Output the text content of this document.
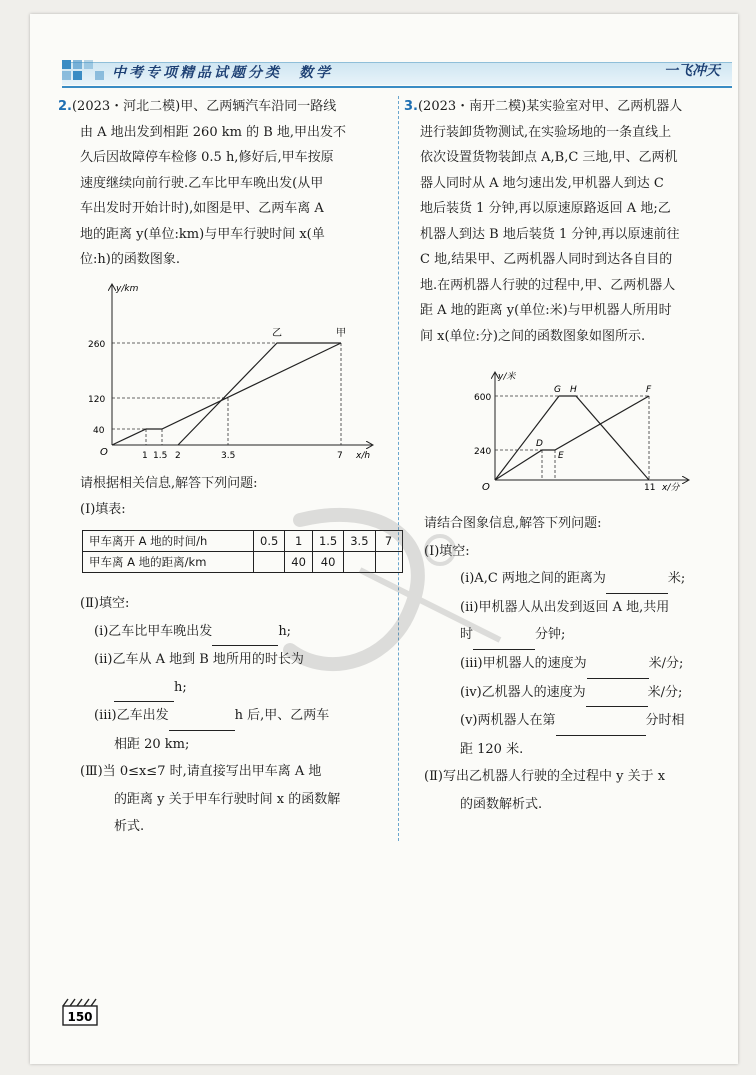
中考专项精品试题分类　数学	一飞冲天

2.(2023・河北二模)甲、乙两辆汽车沿同一路线

由 A 地出发到相距 260 km 的 B 地,甲出发不

久后因故障停车检修 0.5 h,修好后,甲车按原

速度继续向前行驶.乙车比甲车晚出发(从甲

车出发时开始计时),如图是甲、乙两车离 A

地的距离 y(单位:km)与甲车行驶时间 x(单

位:h)的函数图象.

y/km
x/h
O	1 1.5 2	3.5	7
40
120
260
乙	甲

请根据相关信息,解答下列问题:

(Ⅰ)填表:

甲车离开 A 地的时间/h	0.5	1	1.5	3.5	7
甲车离 A 地的距离/km		40	40		

(Ⅱ)填空:

(ⅰ)乙车比甲车晚出发	h;

(ⅱ)乙车从 A 地到 B 地所用的时长为

h;

(ⅲ)乙车出发	h 后,甲、乙两车

相距 20 km;

(Ⅲ)当 0≤x≤7 时,请直接写出甲车离 A 地

的距离 y 关于甲车行驶时间 x 的函数解

析式.

3.(2023・南开二模)某实验室对甲、乙两机器人

进行装卸货物测试,在实验场地的一条直线上

依次设置货物装卸点 A,B,C 三地,甲、乙两机

器人同时从 A 地匀速出发,甲机器人到达 C

地后装货 1 分钟,再以原速原路返回 A 地;乙

机器人到达 B 地后装货 1 分钟,再以原速前往

C 地,结果甲、乙两机器人同时到达各自目的

地.在两机器人行驶的过程中,甲、乙两机器人

距 A 地的距离 y(单位:米)与甲机器人所用时

间 x(单位:分)之间的函数图象如图所示.

y/米
x/分
O	11
240
600
G H	F
D
E

请结合图象信息,解答下列问题:

(Ⅰ)填空:

(ⅰ)A,C 两地之间的距离为	米;

(ⅱ)甲机器人从出发到返回 A 地,共用

时	分钟;

(ⅲ)甲机器人的速度为	米/分;

(ⅳ)乙机器人的速度为	米/分;

(ⅴ)两机器人在第	分时相

距 120 米.

(Ⅱ)写出乙机器人行驶的全过程中 y 关于 x

的函数解析式.

150
